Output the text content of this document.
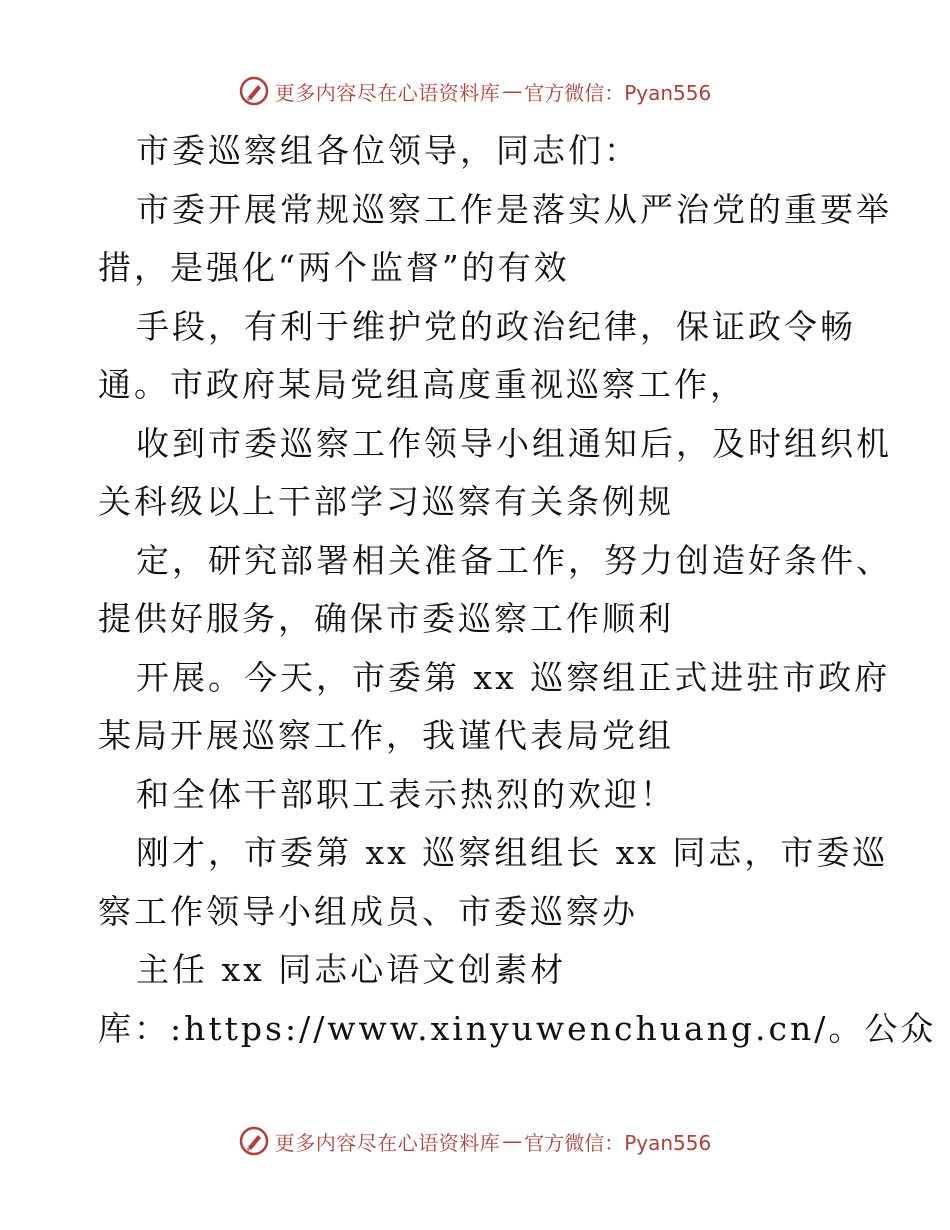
更多内容尽在心语资料库 — 官方微信：Pyan556
市委巡察组各位领导，同志们：
市委开展常规巡察工作是落实从严治党的重要举
措，是强化“两个监督”的有效
手段，有利于维护党的政治纪律，保证政令畅
通。市政府某局党组高度重视巡察工作，
收到市委巡察工作领导小组通知后，及时组织机
关科级以上干部学习巡察有关条例规
定，研究部署相关准备工作，努力创造好条件、
提供好服务，确保市委巡察工作顺利
开展。今天，市委第 xx 巡察组正式进驻市政府
某局开展巡察工作，我谨代表局党组
和全体干部职工表示热烈的欢迎！
刚才，市委第 xx 巡察组组长 xx 同志，市委巡
察工作领导小组成员、市委巡察办
主任 xx 同志心语文创素材
库：:https://www.xinyuwenchuang.cn/。公众
更多内容尽在心语资料库 — 官方微信：Pyan556
